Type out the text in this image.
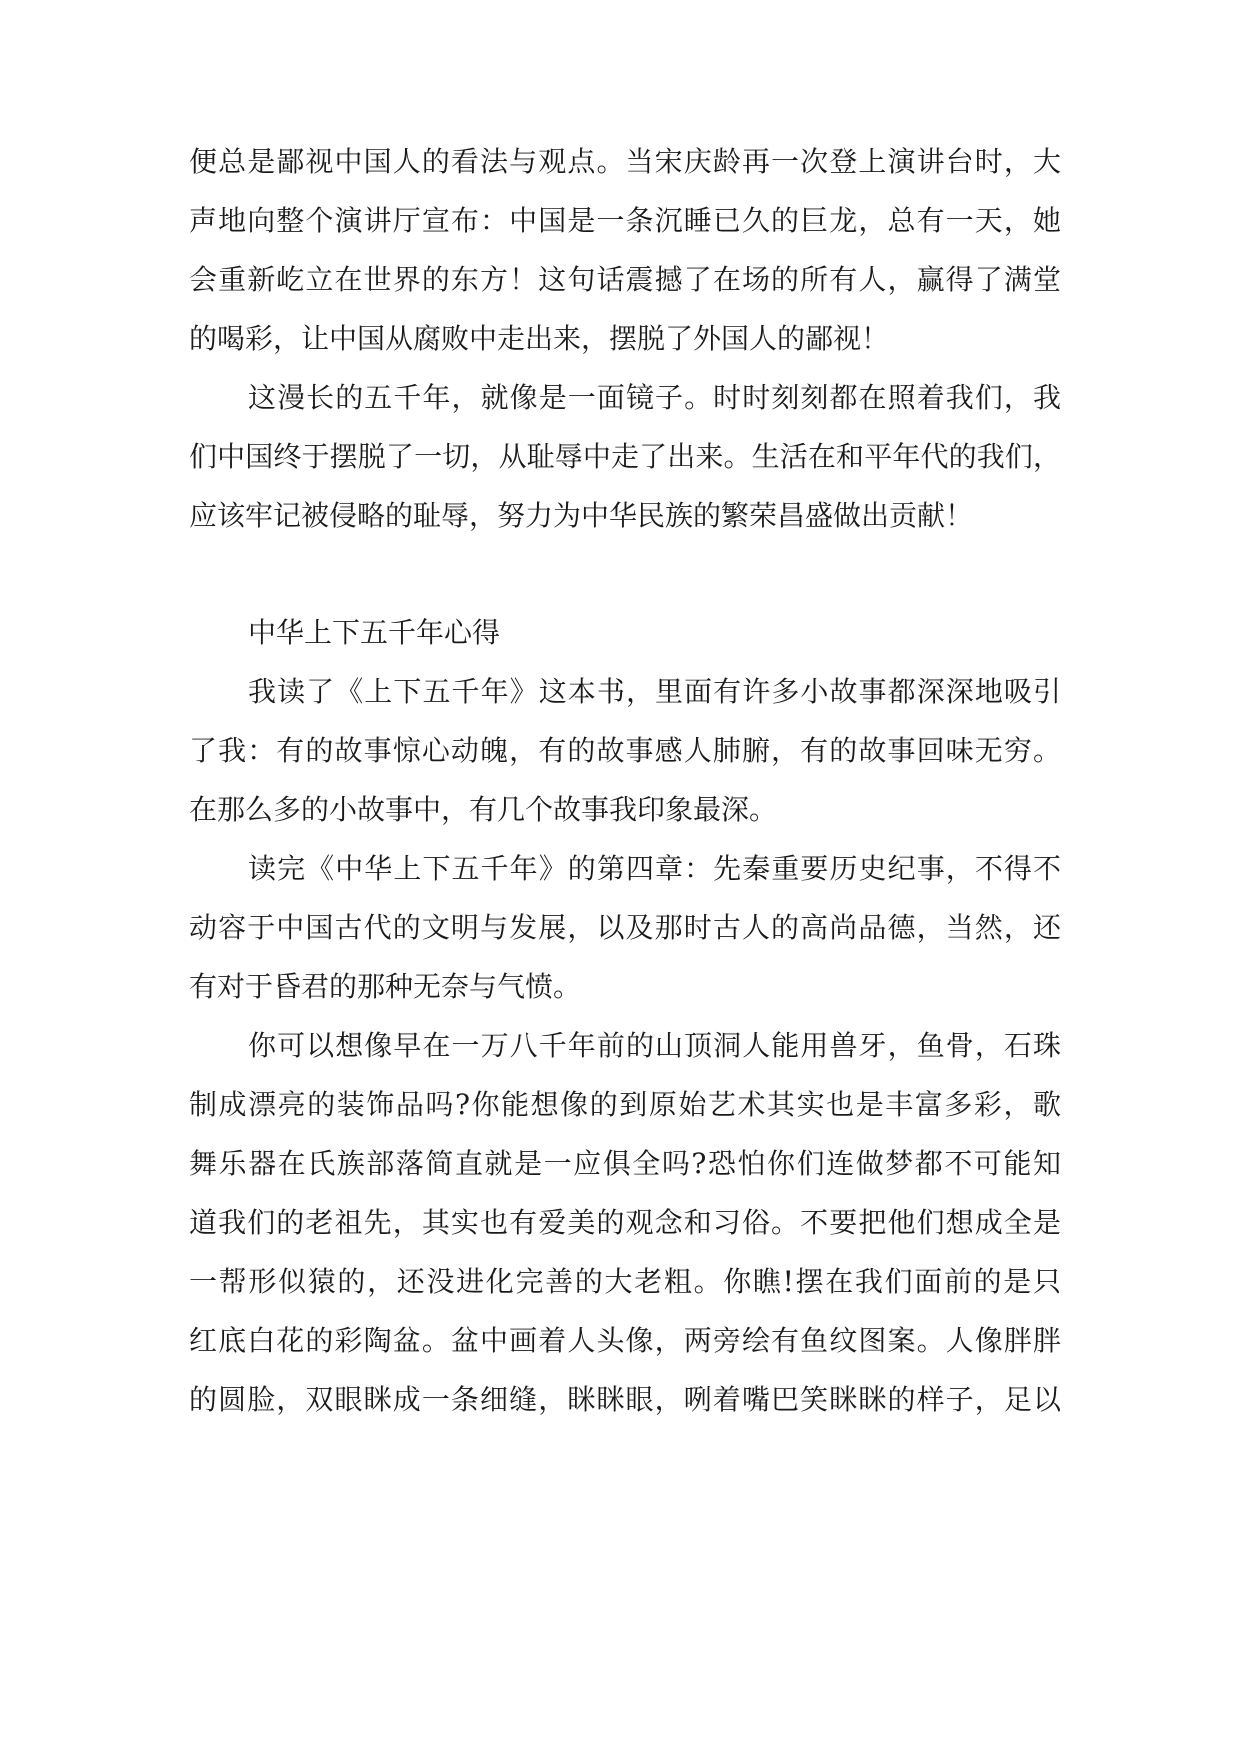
便总是鄙视中国人的看法与观点。当宋庆龄再一次登上演讲台时，大

声地向整个演讲厅宣布：中国是一条沉睡已久的巨龙，总有一天，她

会重新屹立在世界的东方！这句话震撼了在场的所有人，赢得了满堂

的喝彩，让中国从腐败中走出来，摆脱了外国人的鄙视！

这漫长的五千年，就像是一面镜子。时时刻刻都在照着我们，我

们中国终于摆脱了一切，从耻辱中走了出来。生活在和平年代的我们，

应该牢记被侵略的耻辱，努力为中华民族的繁荣昌盛做出贡献！

中华上下五千年心得

我读了《上下五千年》这本书，里面有许多小故事都深深地吸引

了我：有的故事惊心动魄，有的故事感人肺腑，有的故事回味无穷。

在那么多的小故事中，有几个故事我印象最深。

读完《中华上下五千年》的第四章：先秦重要历史纪事，不得不

动容于中国古代的文明与发展，以及那时古人的高尚品德，当然，还

有对于昏君的那种无奈与气愤。

你可以想像早在一万八千年前的山顶洞人能用兽牙，鱼骨，石珠

制成漂亮的装饰品吗?你能想像的到原始艺术其实也是丰富多彩，歌

舞乐器在氏族部落简直就是一应俱全吗?恐怕你们连做梦都不可能知

道我们的老祖先，其实也有爱美的观念和习俗。不要把他们想成全是

一帮形似猿的，还没进化完善的大老粗。你瞧!摆在我们面前的是只

红底白花的彩陶盆。盆中画着人头像，两旁绘有鱼纹图案。人像胖胖

的圆脸，双眼眯成一条细缝，眯眯眼，咧着嘴巴笑眯眯的样子，足以
